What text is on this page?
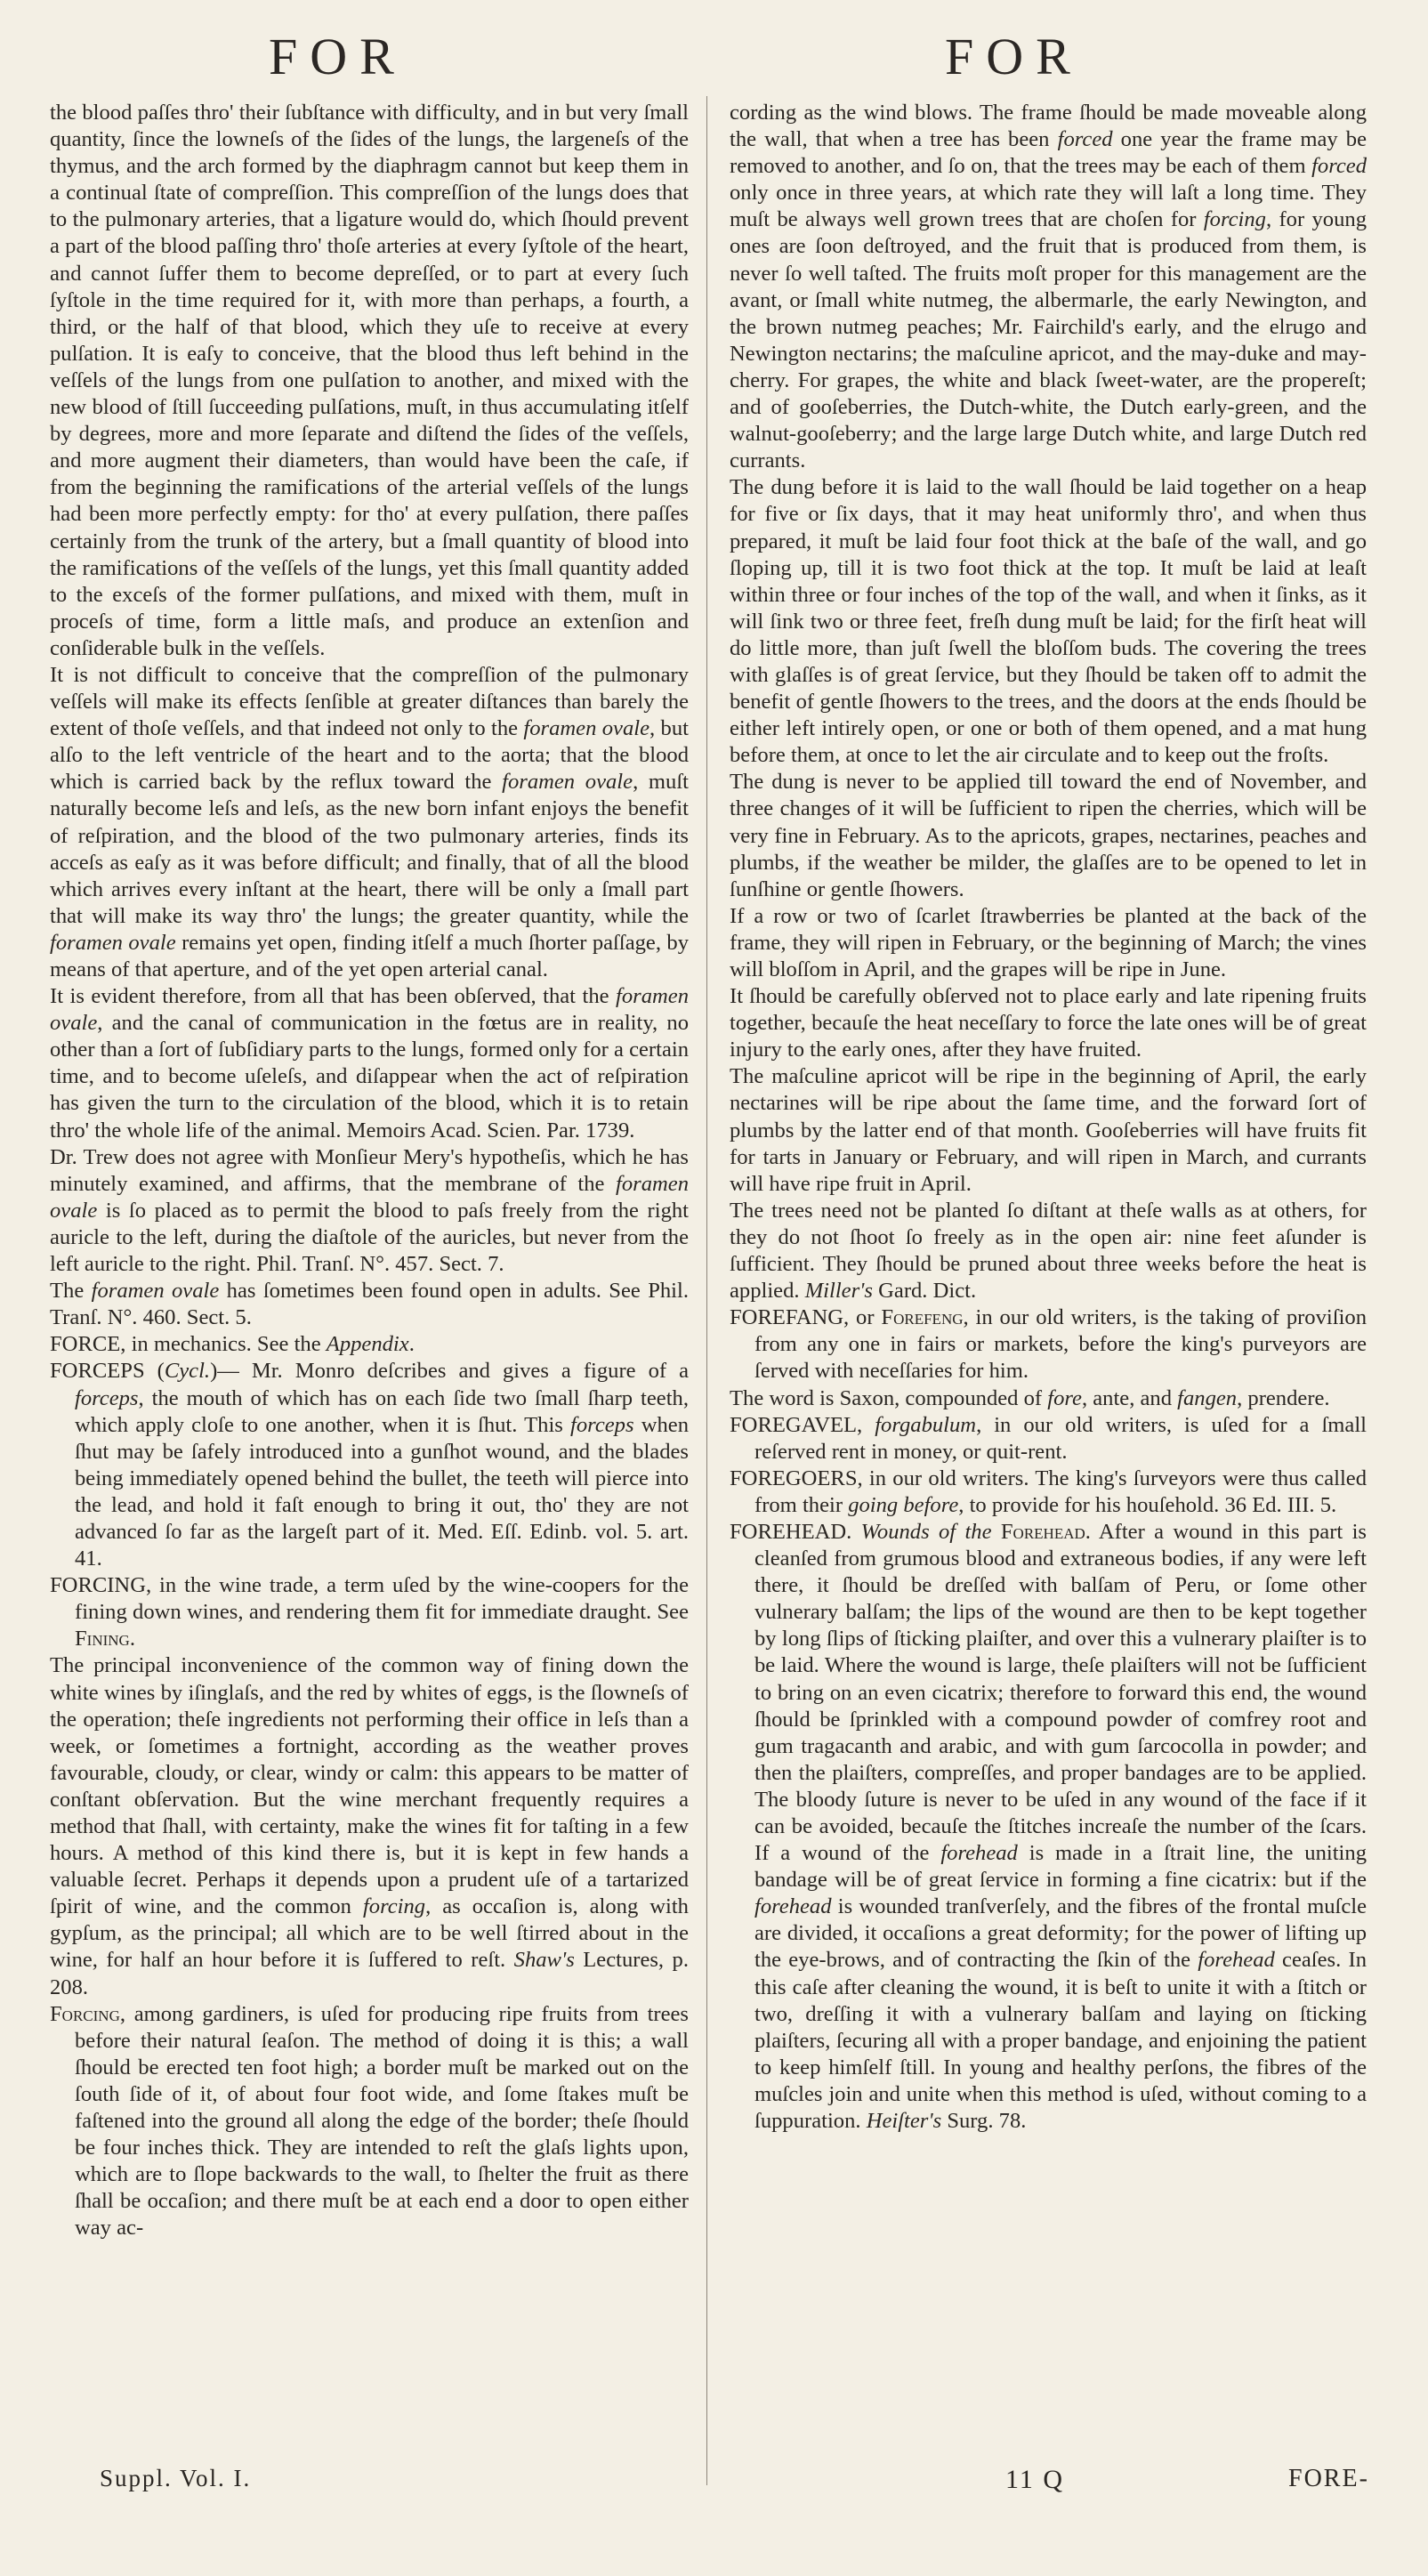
FOR	FOR

the blood paſſes thro' their ſubſtance with difficulty, and in but very ſmall quantity, ſince the lowneſs of the ſides of the lungs, the largeneſs of the thymus, and the arch formed by the diaphragm cannot but keep them in a continual ſtate of compreſſion. This compreſſion of the lungs does that to the pulmonary arteries, that a ligature would do, which ſhould prevent a part of the blood paſſing thro' thoſe arteries at every ſyſtole of the heart, and cannot ſuffer them to become depreſſed, or to part at every ſuch ſyſtole in the time required for it, with more than perhaps, a fourth, a third, or the half of that blood, which they uſe to receive at every pulſation. It is eaſy to conceive, that the blood thus left behind in the veſſels of the lungs from one pulſation to another, and mixed with the new blood of ſtill ſucceeding pulſations, muſt, in thus accumulating itſelf by degrees, more and more ſeparate and diſtend the ſides of the veſſels, and more augment their diameters, than would have been the caſe, if from the beginning the ramifications of the arterial veſſels of the lungs had been more perfectly empty: for tho' at every pulſation, there paſſes certainly from the trunk of the artery, but a ſmall quantity of blood into the ramifications of the veſſels of the lungs, yet this ſmall quantity added to the exceſs of the former pulſations, and mixed with them, muſt in proceſs of time, form a little maſs, and produce an extenſion and conſiderable bulk in the veſſels.

It is not difficult to conceive that the compreſſion of the pulmonary veſſels will make its effects ſenſible at greater diſtances than barely the extent of thoſe veſſels, and that indeed not only to the foramen ovale, but alſo to the left ventricle of the heart and to the aorta; that the blood which is carried back by the reflux toward the foramen ovale, muſt naturally become leſs and leſs, as the new born infant enjoys the benefit of reſpiration, and the blood of the two pulmonary arteries, finds its acceſs as eaſy as it was before difficult; and finally, that of all the blood which arrives every inſtant at the heart, there will be only a ſmall part that will make its way thro' the lungs; the greater quantity, while the foramen ovale remains yet open, finding itſelf a much ſhorter paſſage, by means of that aperture, and of the yet open arterial canal.

It is evident therefore, from all that has been obſerved, that the foramen ovale, and the canal of communication in the fœtus are in reality, no other than a ſort of ſubſidiary parts to the lungs, formed only for a certain time, and to become uſeleſs, and diſappear when the act of reſpiration has given the turn to the circulation of the blood, which it is to retain thro' the whole life of the animal. Memoirs Acad. Scien. Par. 1739.

Dr. Trew does not agree with Monſieur Mery's hypotheſis, which he has minutely examined, and affirms, that the membrane of the foramen ovale is ſo placed as to permit the blood to paſs freely from the right auricle to the left, during the diaſtole of the auricles, but never from the left auricle to the right. Phil. Tranſ. N°. 457. Sect. 7.

The foramen ovale has ſometimes been found open in adults. See Phil. Tranſ. N°. 460. Sect. 5.

FORCE, in mechanics. See the Appendix.

FORCEPS (Cycl.)— Mr. Monro deſcribes and gives a figure of a forceps, the mouth of which has on each ſide two ſmall ſharp teeth, which apply cloſe to one another, when it is ſhut. This forceps when ſhut may be ſafely introduced into a gunſhot wound, and the blades being immediately opened behind the bullet, the teeth will pierce into the lead, and hold it faſt enough to bring it out, tho' they are not advanced ſo far as the largeſt part of it. Med. Eſſ. Edinb. vol. 5. art. 41.

FORCING, in the wine trade, a term uſed by the wine-coopers for the fining down wines, and rendering them fit for immediate draught. See Fining.

The principal inconvenience of the common way of fining down the white wines by iſinglaſs, and the red by whites of eggs, is the ſlowneſs of the operation; theſe ingredients not performing their office in leſs than a week, or ſometimes a fortnight, according as the weather proves favourable, cloudy, or clear, windy or calm: this appears to be matter of conſtant obſervation. But the wine merchant frequently requires a method that ſhall, with certainty, make the wines fit for taſting in a few hours. A method of this kind there is, but it is kept in few hands a valuable ſecret. Perhaps it depends upon a prudent uſe of a tartarized ſpirit of wine, and the common forcing, as occaſion is, along with gypſum, as the principal; all which are to be well ſtirred about in the wine, for half an hour before it is ſuffered to reſt. Shaw's Lectures, p. 208.

Forcing, among gardiners, is uſed for producing ripe fruits from trees before their natural ſeaſon. The method of doing it is this; a wall ſhould be erected ten foot high; a border muſt be marked out on the ſouth ſide of it, of about four foot wide, and ſome ſtakes muſt be faſtened into the ground all along the edge of the border; theſe ſhould be four inches thick. They are intended to reſt the glaſs lights upon, which are to ſlope backwards to the wall, to ſhelter the fruit as there ſhall be occaſion; and there muſt be at each end a door to open either way ac-

cording as the wind blows. The frame ſhould be made moveable along the wall, that when a tree has been forced one year the frame may be removed to another, and ſo on, that the trees may be each of them forced only once in three years, at which rate they will laſt a long time. They muſt be always well grown trees that are choſen for forcing, for young ones are ſoon deſtroyed, and the fruit that is produced from them, is never ſo well taſted. The fruits moſt proper for this management are the avant, or ſmall white nutmeg, the albermarle, the early Newington, and the brown nutmeg peaches; Mr. Fairchild's early, and the elrugo and Newington nectarins; the maſculine apricot, and the may-duke and may-cherry. For grapes, the white and black ſweet-water, are the propereſt; and of gooſeberries, the Dutch-white, the Dutch early-green, and the walnut-gooſeberry; and the large large Dutch white, and large Dutch red currants.

The dung before it is laid to the wall ſhould be laid together on a heap for five or ſix days, that it may heat uniformly thro', and when thus prepared, it muſt be laid four foot thick at the baſe of the wall, and go ſloping up, till it is two foot thick at the top. It muſt be laid at leaſt within three or four inches of the top of the wall, and when it ſinks, as it will ſink two or three feet, freſh dung muſt be laid; for the firſt heat will do little more, than juſt ſwell the bloſſom buds. The covering the trees with glaſſes is of great ſervice, but they ſhould be taken off to admit the benefit of gentle ſhowers to the trees, and the doors at the ends ſhould be either left intirely open, or one or both of them opened, and a mat hung before them, at once to let the air circulate and to keep out the froſts.

The dung is never to be applied till toward the end of November, and three changes of it will be ſufficient to ripen the cherries, which will be very fine in February. As to the apricots, grapes, nectarines, peaches and plumbs, if the weather be milder, the glaſſes are to be opened to let in ſunſhine or gentle ſhowers.

If a row or two of ſcarlet ſtrawberries be planted at the back of the frame, they will ripen in February, or the beginning of March; the vines will bloſſom in April, and the grapes will be ripe in June.

It ſhould be carefully obſerved not to place early and late ripening fruits together, becauſe the heat neceſſary to force the late ones will be of great injury to the early ones, after they have fruited.

The maſculine apricot will be ripe in the beginning of April, the early nectarines will be ripe about the ſame time, and the forward ſort of plumbs by the latter end of that month. Gooſeberries will have fruits fit for tarts in January or February, and will ripen in March, and currants will have ripe fruit in April.

The trees need not be planted ſo diſtant at theſe walls as at others, for they do not ſhoot ſo freely as in the open air: nine feet aſunder is ſufficient. They ſhould be pruned about three weeks before the heat is applied. Miller's Gard. Dict.

FOREFANG, or Forefeng, in our old writers, is the taking of proviſion from any one in fairs or markets, before the king's purveyors are ſerved with neceſſaries for him.

The word is Saxon, compounded of fore, ante, and fangen, prendere.

FOREGAVEL, forgabulum, in our old writers, is uſed for a ſmall reſerved rent in money, or quit-rent.

FOREGOERS, in our old writers. The king's ſurveyors were thus called from their going before, to provide for his houſehold. 36 Ed. III. 5.

FOREHEAD. Wounds of the Forehead. After a wound in this part is cleanſed from grumous blood and extraneous bodies, if any were left there, it ſhould be dreſſed with balſam of Peru, or ſome other vulnerary balſam; the lips of the wound are then to be kept together by long ſlips of ſticking plaiſter, and over this a vulnerary plaiſter is to be laid. Where the wound is large, theſe plaiſters will not be ſufficient to bring on an even cicatrix; therefore to forward this end, the wound ſhould be ſprinkled with a compound powder of comfrey root and gum tragacanth and arabic, and with gum ſarcocolla in powder; and then the plaiſters, compreſſes, and proper bandages are to be applied. The bloody ſuture is never to be uſed in any wound of the face if it can be avoided, becauſe the ſtitches increaſe the number of the ſcars. If a wound of the forehead is made in a ſtrait line, the uniting bandage will be of great ſervice in forming a fine cicatrix: but if the forehead is wounded tranſverſely, and the fibres of the frontal muſcle are divided, it occaſions a great deformity; for the power of lifting up the eye-brows, and of contracting the ſkin of the forehead ceaſes. In this caſe after cleaning the wound, it is beſt to unite it with a ſtitch or two, dreſſing it with a vulnerary balſam and laying on ſticking plaiſters, ſecuring all with a proper bandage, and enjoining the patient to keep himſelf ſtill. In young and healthy perſons, the fibres of the muſcles join and unite when this method is uſed, without coming to a ſuppuration. Heiſter's Surg. 78.

Suppl. Vol. I.	11 Q	FORE-
